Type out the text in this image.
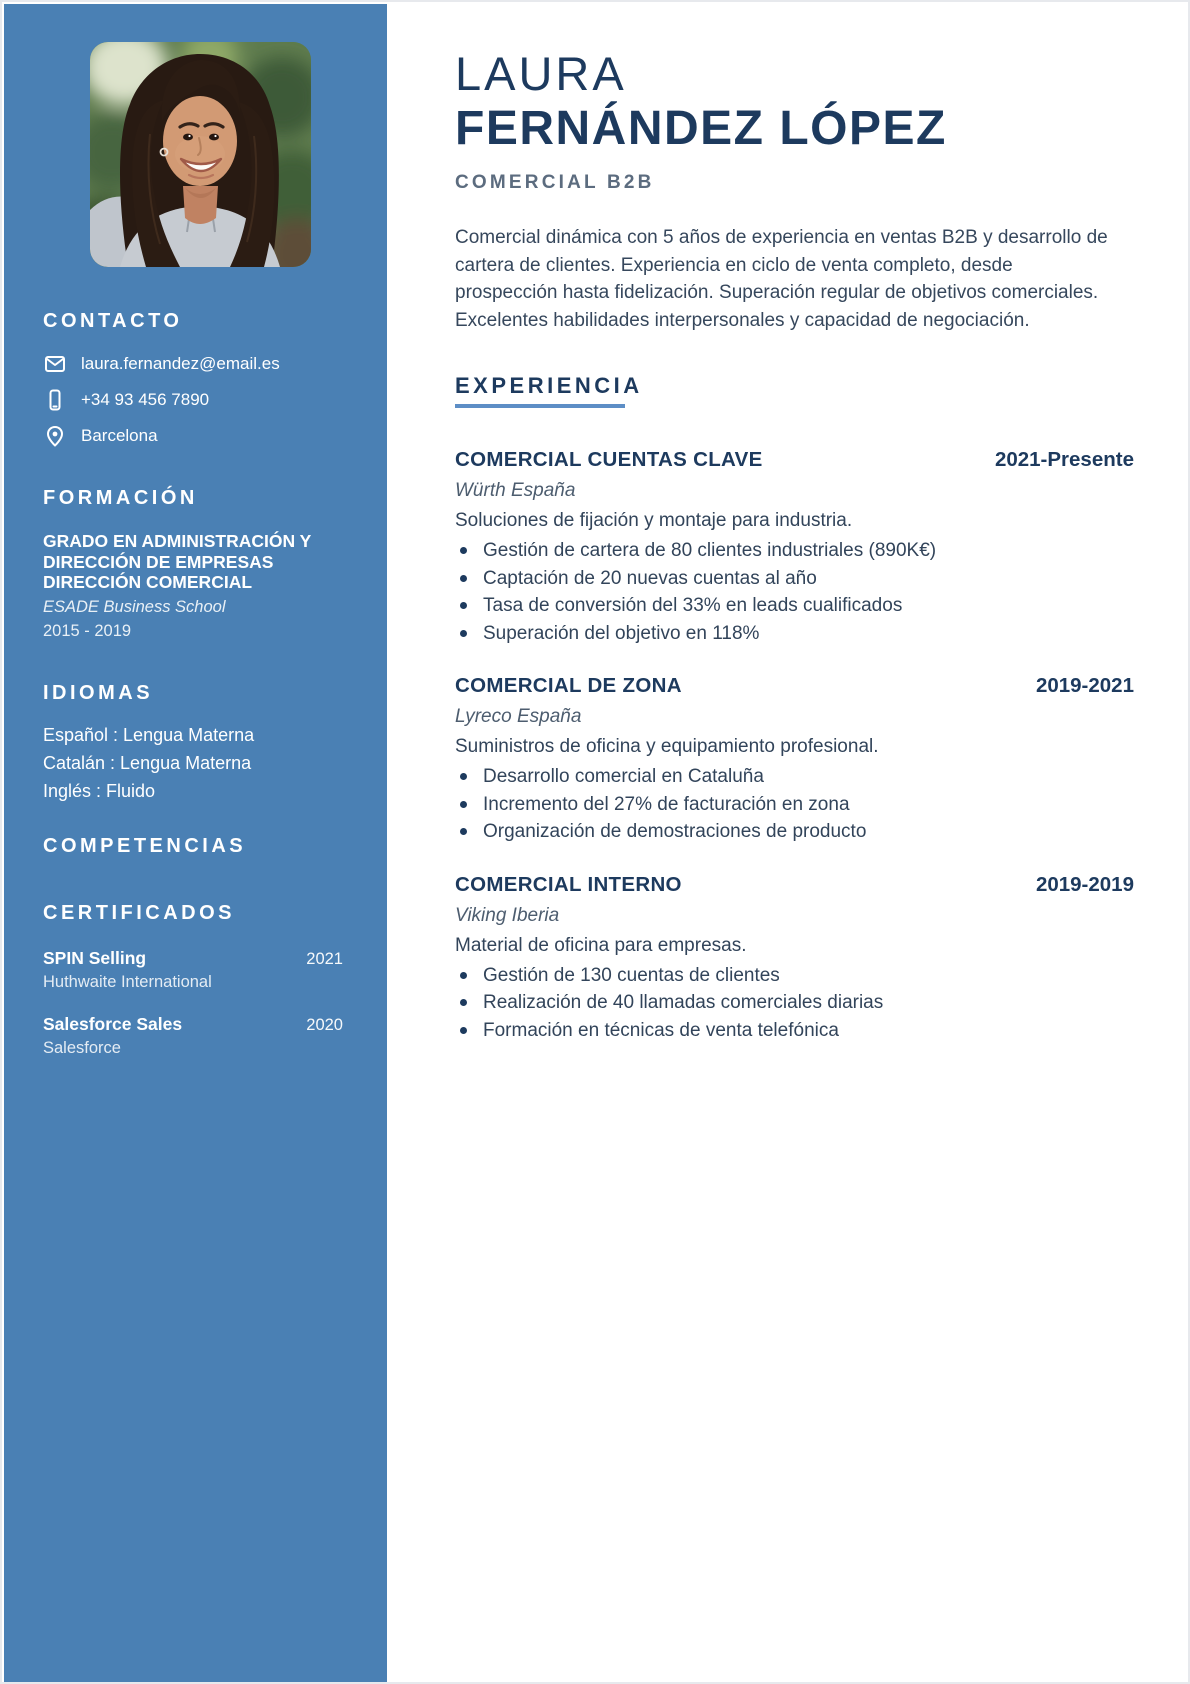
CONTACTO
laura.fernandez@email.es
+34 93 456 7890
Barcelona
FORMACIÓN
GRADO EN ADMINISTRACIÓN Y
DIRECCIÓN DE EMPRESAS
DIRECCIÓN COMERCIAL
ESADE Business School
2015 - 2019
IDIOMAS
Español : Lengua Materna
Catalán : Lengua Materna
Inglés : Fluido
COMPETENCIAS
CERTIFICADOS
SPIN Selling	2021
Huthwaite International
Salesforce Sales	2020
Salesforce
LAURA
FERNÁNDEZ LÓPEZ
COMERCIAL B2B

Comercial dinámica con 5 años de experiencia en ventas B2B y desarrollo de cartera de clientes. Experiencia en ciclo de venta completo, desde prospección hasta fidelización. Superación regular de objetivos comerciales. Excelentes habilidades interpersonales y capacidad de negociación.

EXPERIENCIA
COMERCIAL CUENTAS CLAVE	2021-Presente
Würth España
Soluciones de fijación y montaje para industria.
Gestión de cartera de 80 clientes industriales (890K€)
Captación de 20 nuevas cuentas al año
Tasa de conversión del 33% en leads cualificados
Superación del objetivo en 118%
COMERCIAL DE ZONA	2019-2021
Lyreco España
Suministros de oficina y equipamiento profesional.
Desarrollo comercial en Cataluña
Incremento del 27% de facturación en zona
Organización de demostraciones de producto
COMERCIAL INTERNO	2019-2019
Viking Iberia
Material de oficina para empresas.
Gestión de 130 cuentas de clientes
Realización de 40 llamadas comerciales diarias
Formación en técnicas de venta telefónica
